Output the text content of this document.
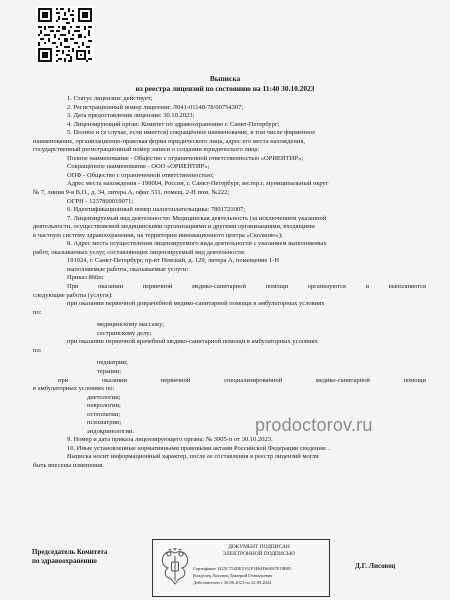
Выписка
из реестра лицензий по состоянию на 11:40 30.10.2023
1. Статус лицензии: действует;
2. Регистрационный номер лицензии: Л041-01148-78/00754307;
3. Дата предоставления лицензии: 30.10.2023;
4. Лицензирующий орган: Комитет по здравоохранению г. Санкт-Петербург;
5. Полное и (в случае, если имеется) сокращённое наименование, в том числе фирменное
наименование, организационно-правовая форма юридического лица, адрес его места нахождения,
государственный регистрационный номер записи о создании юридического лица:
Полное наименование - Общество с ограниченной ответственностью «ОРИЕНТИР»;
Сокращённое наименование - ООО «ОРИЕНТИР»;
ОПФ - Общество с ограниченной ответственностью;
Адрес места нахождения - 199004, Россия, г. Санкт-Петербург, вн.тер.г. муниципальный округ
№ 7, линия 9-я В.О., д. 34, литера А, офис 511, помещ. 2-Н пом. №222;
ОГРН - 1237800019071;
6. Идентификационный номер налогоплательщика: 7801721007;
7. Лицензируемый вид деятельности: Медицинская деятельность (за исключением указанной
деятельности, осуществляемой медицинскими организациями и другими организациями, входящими
в частную систему здравоохранения, на территории инновационного центра «Сколково»);
8. Адрес места осуществления лицензируемого вида деятельности с указанием выполняемых
работ, оказываемых услуг, составляющих лицензируемый вид деятельности:
191024, г. Санкт-Петербург, пр-кт Невский, д. 129, литера А, помещение 1-Н
выполняемые работы, оказываемые услуги:
Приказ 866н;
При оказании первичной медико-санитарной помощи организуются и выполняются
следующие работы (услуги):
при оказании первичной доврачебной медико-санитарной помощи в амбулаторных условиях
по:
медицинскому массажу;
сестринскому делу;
при оказании первичной врачебной медико-санитарной помощи в амбулаторных условиях
по:
педиатрии;
терапии;
при оказании первичной специализированной медико-санитарной помощи
в амбулаторных условиях по:
диетологии;
неврологии;
остеопатии;
психиатрии;
эндокринологии.
9. Номер и дата приказа лицензирующего органа: № 3905-п от 30.10.2023.
10. Иные установленные нормативными правовыми актами Российской Федерации сведения: .
Выписка носит информационный характер, после ее составления в реестр лицензий могли
быть внесены изменения.
prodoctorov.ru
Председатель Комитета
по здравоохранению
ДОКУМЕНТ ПОДПИСАН
ЭЛЕКТРОННОЙ ПОДПИСЬЮ
Сертификат 3425C754DE5151F3F64F66E67E18B05
Владелец Лисовец Дмитрий Геннадьевич
Действителен с 30.06.2023 по 22.09.2024
Д.Г. Лисовец
